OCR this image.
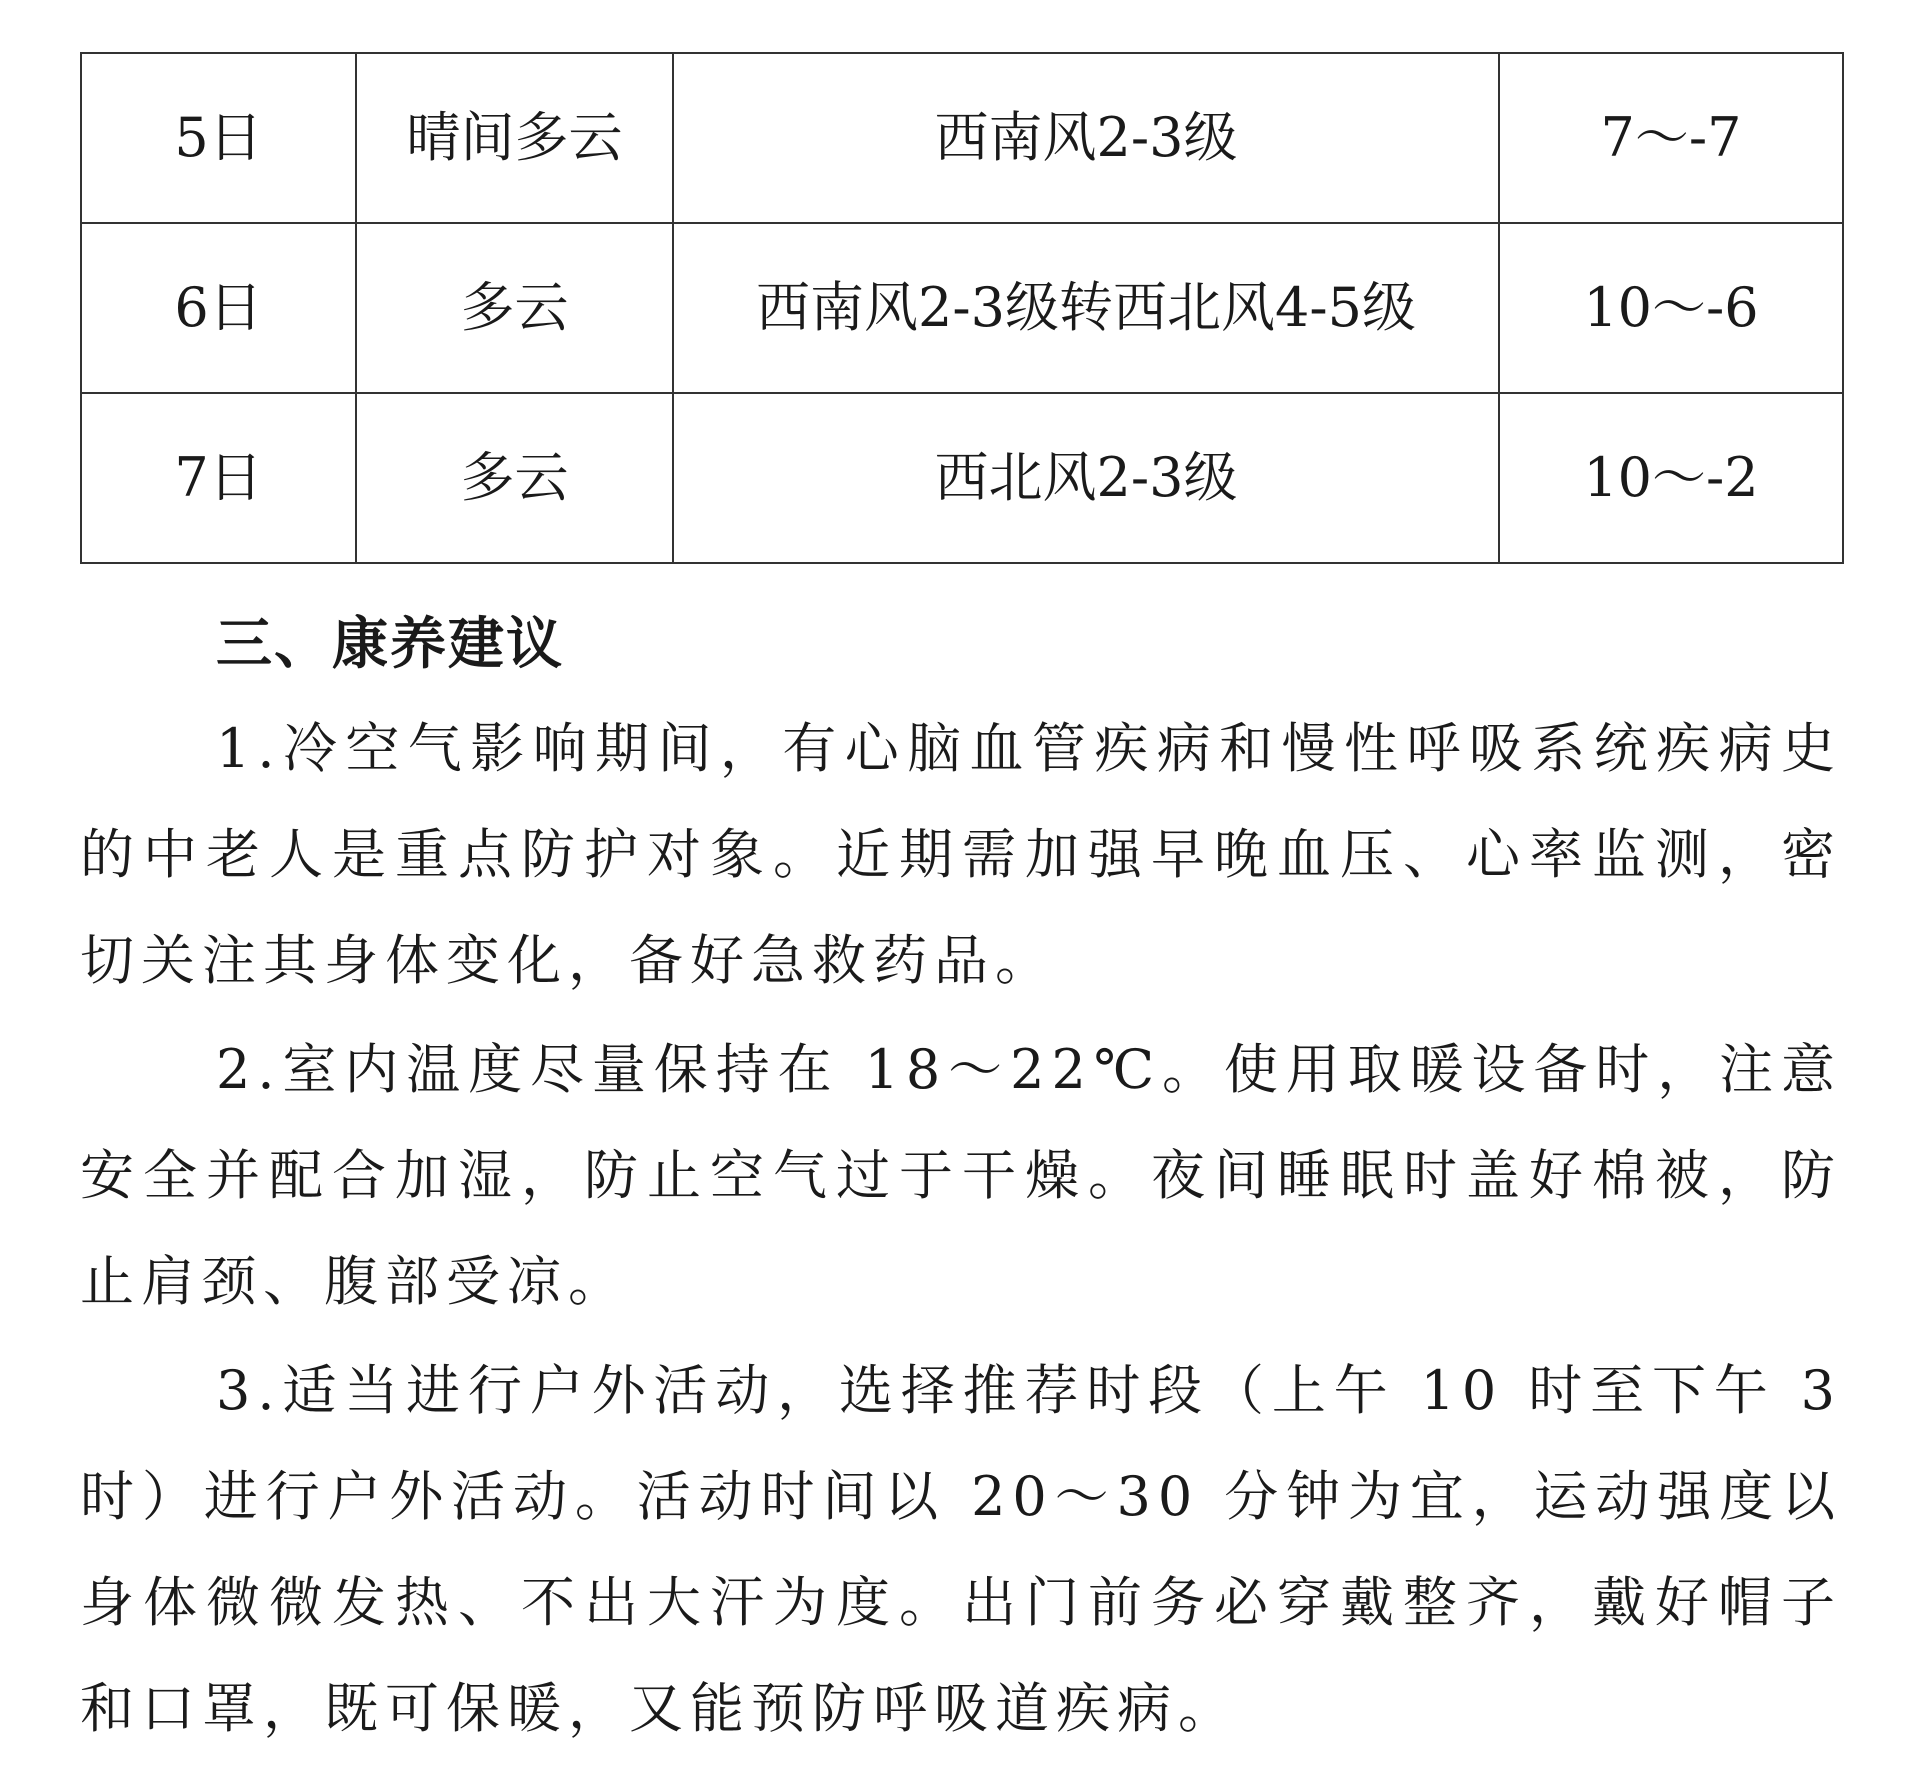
5日	晴间多云	西南风2-3级	7～-7
6日	多云	西南风2-3级转西北风4-5级	10～-6
7日	多云	西北风2-3级	10～-2
三、康养建议

1.冷空气影响期间，有心脑血管疾病和慢性呼吸系统疾病史的中老人是重点防护对象。近期需加强早晚血压、心率监测，密切关注其身体变化，备好急救药品。

2.室内温度尽量保持在 18～22℃。使用取暖设备时，注意安全并配合加湿，防止空气过于干燥。夜间睡眠时盖好棉被，防止肩颈、腹部受凉。

3.适当进行户外活动，选择推荐时段（上午 10 时至下午 3 时）进行户外活动。活动时间以 20～30 分钟为宜，运动强度以身体微微发热、不出大汗为度。出门前务必穿戴整齐，戴好帽子和口罩，既可保暖，又能预防呼吸道疾病。
